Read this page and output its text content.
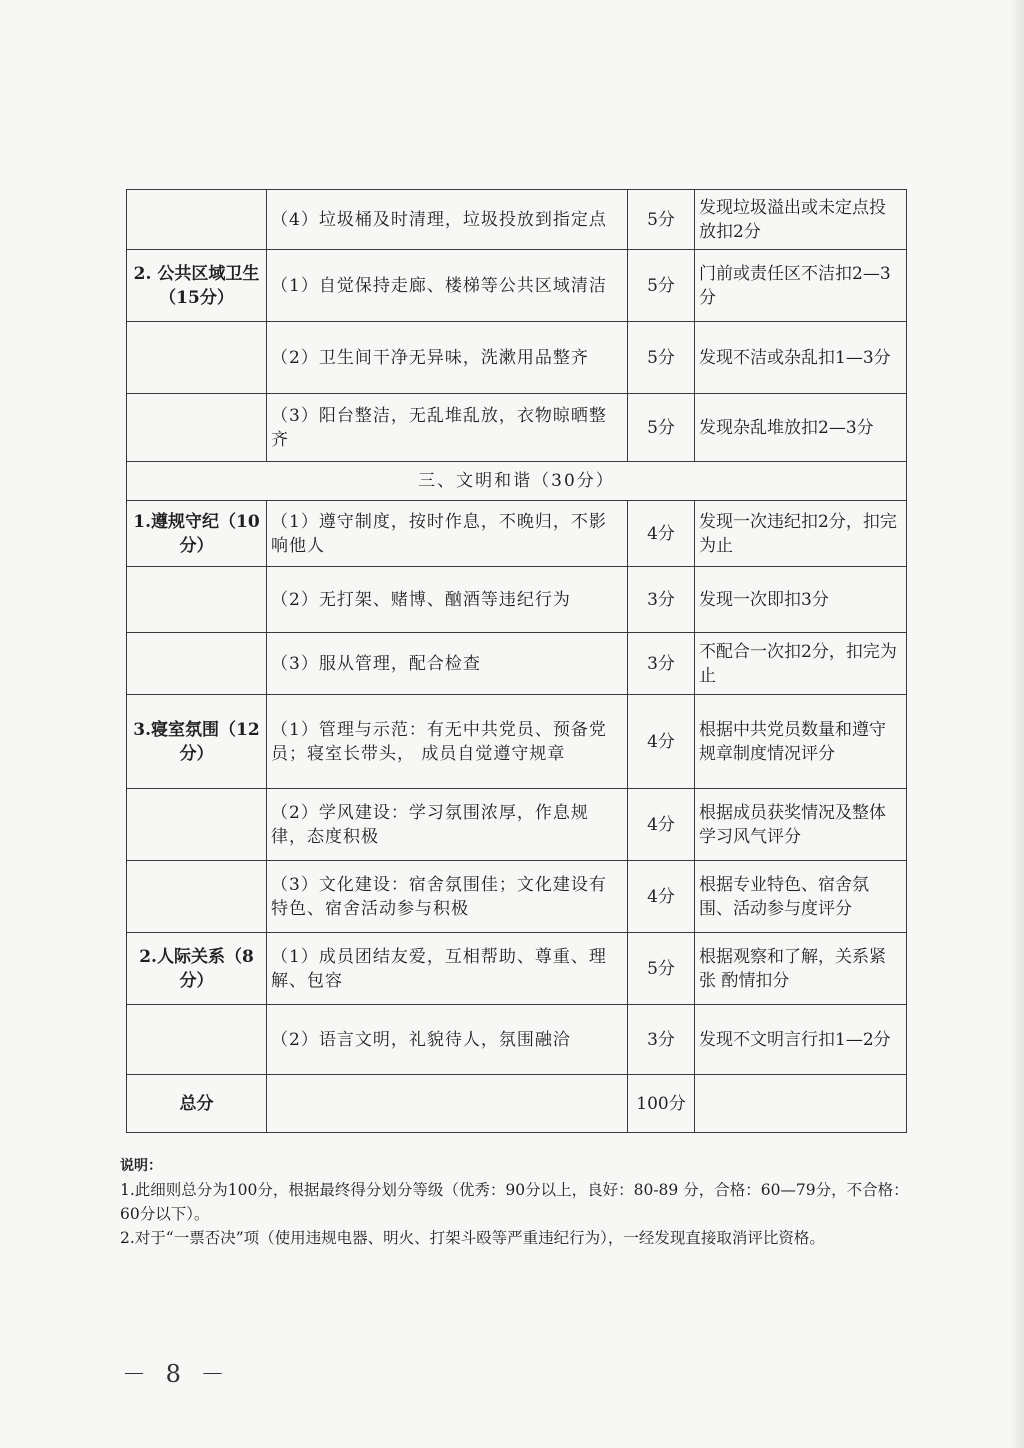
	（4）垃圾桶及时清理，垃圾投放到指定点	5分	发现垃圾溢出或未定点投放扣2分
2. 公共区域卫生（15分）	（1）自觉保持走廊、楼梯等公共区域清洁	5分	门前或责任区不洁扣2—3分
	（2）卫生间干净无异味，洗漱用品整齐	5分	发现不洁或杂乱扣1—3分
	（3）阳台整洁，无乱堆乱放，衣物晾晒整齐	5分	发现杂乱堆放扣2—3分
三、文明和谐（30分）			
1.遵规守纪（10分）	（1）遵守制度，按时作息，不晚归，不影响他人	4分	发现一次违纪扣2分，扣完 为止
	（2）无打架、赌博、酗酒等违纪行为	3分	发现一次即扣3分
	（3）服从管理，配合检查	3分	不配合一次扣2分，扣完为止
3.寝室氛围（12分）	（1）管理与示范：有无中共党员、预备党员；寝室长带头， 成员自觉遵守规章	4分	根据中共党员数量和遵守规章制度情况评分
	（2）学风建设：学习氛围浓厚，作息规律，态度积极	4分	根据成员获奖情况及整体学习风气评分
	（3）文化建设：宿舍氛围佳；文化建设有特色、宿舍活动参与积极	4分	根据专业特色、宿舍氛围、活动参与度评分
2.人际关系（8分）	（1）成员团结友爱，互相帮助、尊重、理解、包容	5分	根据观察和了解，关系紧张 酌情扣分
	（2）语言文明，礼貌待人，氛围融洽	3分	发现不文明言行扣1—2分
总分		100分	

说明：

1.此细则总分为100分，根据最终得分划分等级（优秀：90分以上，良好：80-89 分，合格：60—79分，不合格：60分以下）。

2.对于“一票否决”项（使用违规电器、明火、打架斗殴等严重违纪行为），一经发现直接取消评比资格。

－ 8 －
